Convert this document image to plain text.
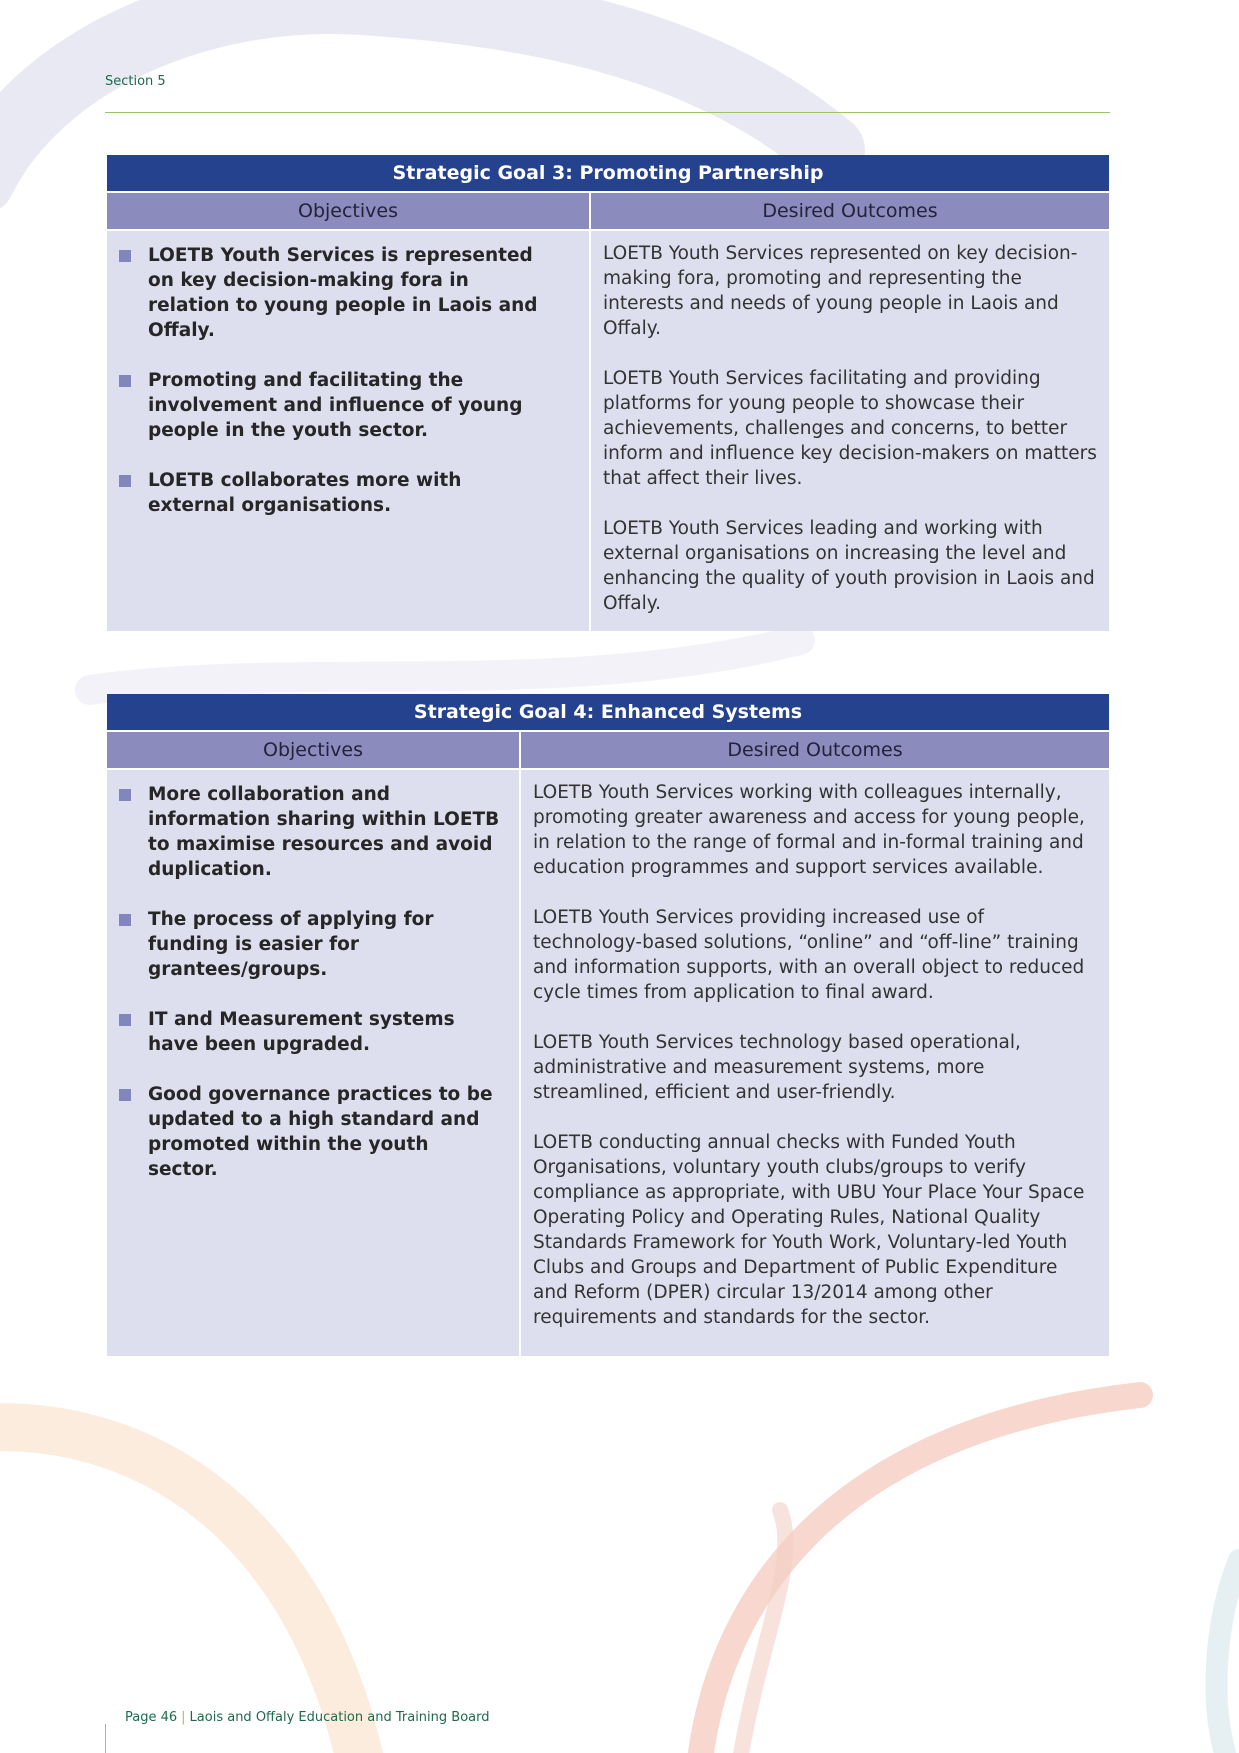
Section 5
Strategic Goal 3: Promoting Partnership
Objectives	Desired Outcomes
LOETB Youth Services is represented on key decision-making fora in relation to young people in Laois and Offaly.
Promoting and facilitating the involvement and influence of young people in the youth sector.
LOETB collaborates more with external organisations.

LOETB Youth Services represented on key decision-making fora, promoting and representing the interests and needs of young people in Laois and Offaly.

LOETB Youth Services facilitating and providing platforms for young people to showcase their achievements, challenges and concerns, to better inform and influence key decision-makers on matters that affect their lives.

LOETB Youth Services leading and working with external organisations on increasing the level and enhancing the quality of youth provision in Laois and Offaly.

Strategic Goal 4: Enhanced Systems
Objectives	Desired Outcomes
More collaboration and information sharing within LOETB to maximise resources and avoid duplication.
The process of applying for funding is easier for grantees/groups.
IT and Measurement systems have been upgraded.
Good governance practices to be updated to a high standard and promoted within the youth sector.

LOETB Youth Services working with colleagues internally, promoting greater awareness and access for young people, in relation to the range of formal and in-formal training and education programmes and support services available.

LOETB Youth Services providing increased use of technology-based solutions, “online” and “off-line” training and information supports, with an overall object to reduced cycle times from application to final award.

LOETB Youth Services technology based operational, administrative and measurement systems, more streamlined, efficient and user-friendly.

LOETB conducting annual checks with Funded Youth Organisations, voluntary youth clubs/groups to verify compliance as appropriate, with UBU Your Place Your Space Operating Policy and Operating Rules, National Quality Standards Framework for Youth Work, Voluntary-led Youth Clubs and Groups and Department of Public Expenditure and Reform (DPER) circular 13/2014 among other requirements and standards for the sector.

Page 46 | Laois and Offaly Education and Training Board
